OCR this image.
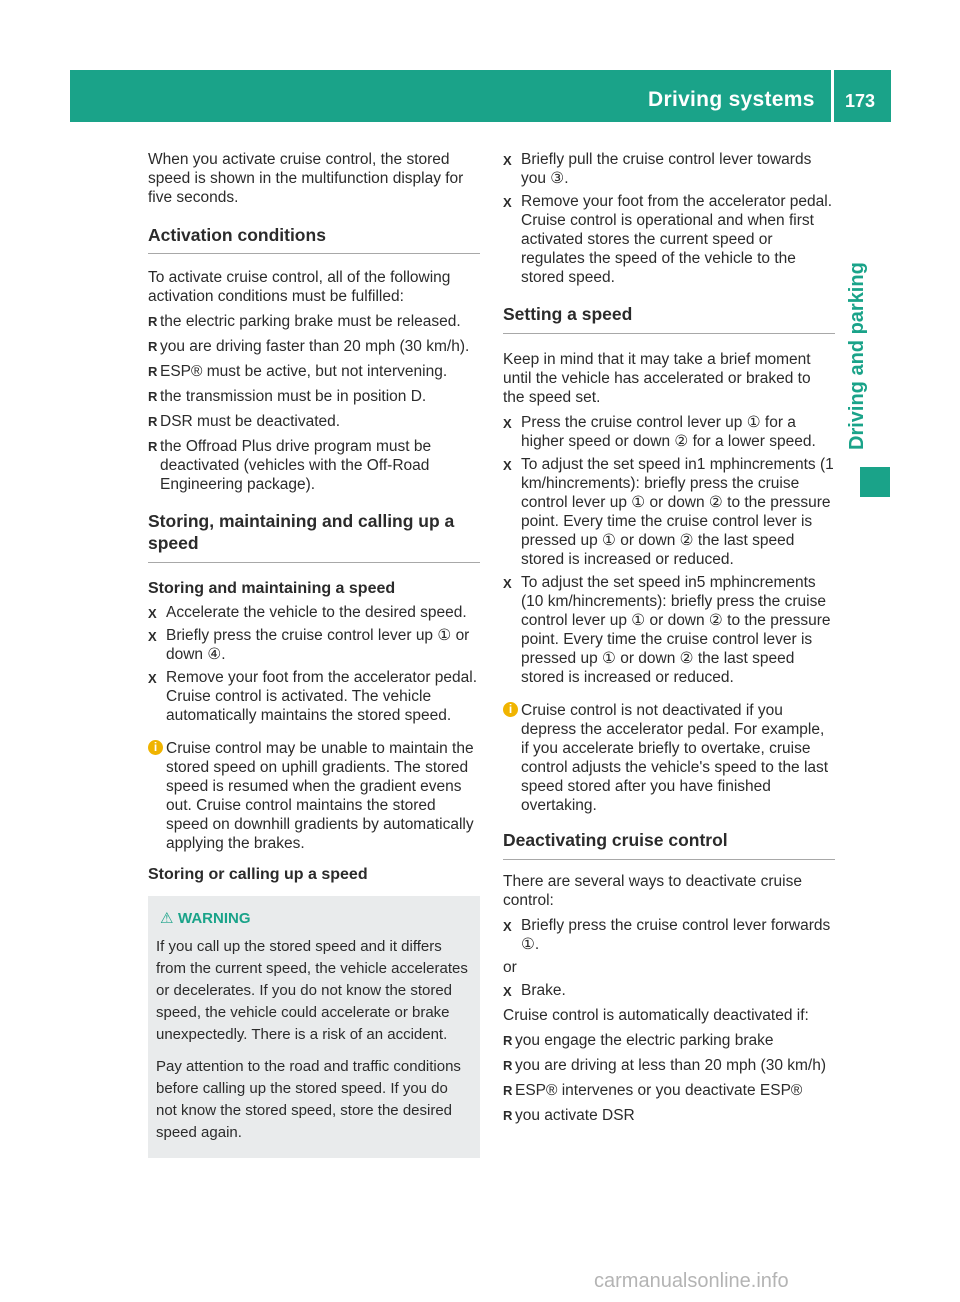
Driving systems 173
Driving and parking

When you activate cruise control, the stored speed is shown in the multifunction display for five seconds.

Activation conditions

To activate cruise control, all of the following activation conditions must be fulfilled:

R the electric parking brake must be released.
R you are driving faster than 20 mph (30 km/h).
R ESP® must be active, but not intervening.
R the transmission must be in position D.
R DSR must be deactivated.
R the Offroad Plus drive program must be deactivated (vehicles with the Off-Road Engineering package).

Storing, maintaining and calling up a speed

Storing and maintaining a speed

X Accelerate the vehicle to the desired speed.
X Briefly press the cruise control lever up ① or down ④.
X Remove your foot from the accelerator pedal. Cruise control is activated. The vehicle automatically maintains the stored speed.
i Cruise control may be unable to maintain the stored speed on uphill gradients. The stored speed is resumed when the gradient evens out. Cruise control maintains the stored speed on downhill gradients by automatically applying the brakes.

Storing or calling up a speed

⚠ WARNING

If you call up the stored speed and it differs from the current speed, the vehicle accelerates or decelerates. If you do not know the stored speed, the vehicle could accelerate or brake unexpectedly. There is a risk of an accident.

Pay attention to the road and traffic conditions before calling up the stored speed. If you do not know the stored speed, store the desired speed again.

X Briefly pull the cruise control lever towards you ③.
X Remove your foot from the accelerator pedal. Cruise control is operational and when first activated stores the current speed or regulates the speed of the vehicle to the stored speed.

Setting a speed

Keep in mind that it may take a brief moment until the vehicle has accelerated or braked to the speed set.

X Press the cruise control lever up ① for a higher speed or down ② for a lower speed.
X To adjust the set speed in1 mphincrements (1 km/hincrements): briefly press the cruise control lever up ① or down ② to the pressure point. Every time the cruise control lever is pressed up ① or down ② the last speed stored is increased or reduced.
X To adjust the set speed in5 mphincrements (10 km/hincrements): briefly press the cruise control lever up ① or down ② to the pressure point. Every time the cruise control lever is pressed up ① or down ② the last speed stored is increased or reduced.
i Cruise control is not deactivated if you depress the accelerator pedal. For example, if you accelerate briefly to overtake, cruise control adjusts the vehicle's speed to the last speed stored after you have finished overtaking.

Deactivating cruise control

There are several ways to deactivate cruise control:

X Briefly press the cruise control lever forwards ①.

or

X Brake.

Cruise control is automatically deactivated if:

R you engage the electric parking brake
R you are driving at less than 20 mph (30 km/h)
R ESP® intervenes or you deactivate ESP®
R you activate DSR
carmanualsonline.info
